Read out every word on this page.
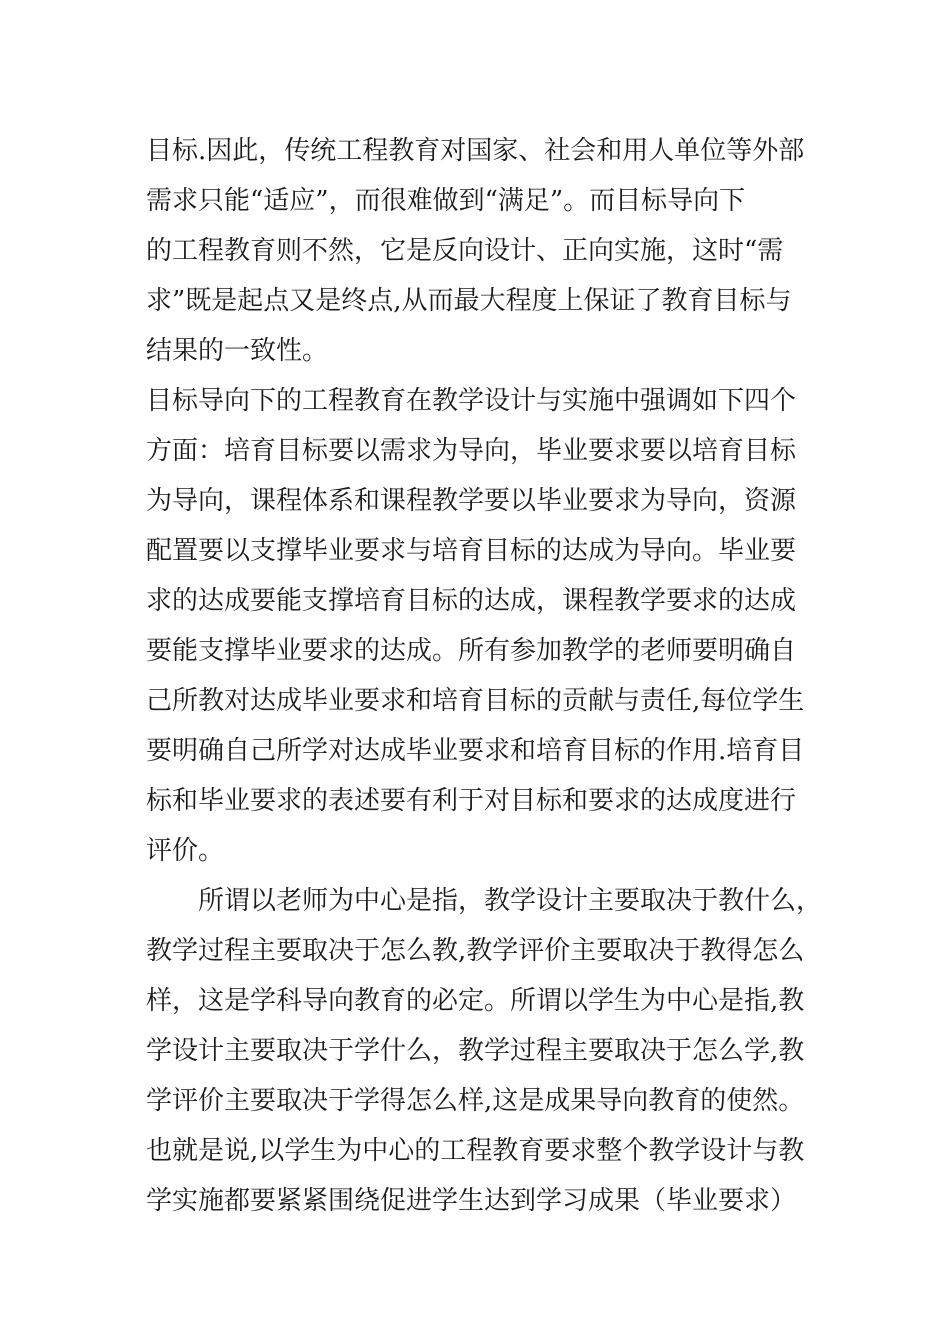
目标.因此，传统工程教育对国家、社会和用人单位等外部
需求只能“适应”，而很难做到“满足”。而目标导向下
的工程教育则不然，它是反向设计、正向实施，这时“需
求”既是起点又是终点,从而最大程度上保证了教育目标与
结果的一致性。
目标导向下的工程教育在教学设计与实施中强调如下四个
方面：培育目标要以需求为导向，毕业要求要以培育目标
为导向，课程体系和课程教学要以毕业要求为导向，资源
配置要以支撑毕业要求与培育目标的达成为导向。毕业要
求的达成要能支撑培育目标的达成，课程教学要求的达成
要能支撑毕业要求的达成。所有参加教学的老师要明确自
己所教对达成毕业要求和培育目标的贡献与责任,每位学生
要明确自己所学对达成毕业要求和培育目标的作用.培育目
标和毕业要求的表述要有利于对目标和要求的达成度进行
评价。
所谓以老师为中心是指，教学设计主要取决于教什么，
教学过程主要取决于怎么教,教学评价主要取决于教得怎么
样，这是学科导向教育的必定。所谓以学生为中心是指,教
学设计主要取决于学什么，教学过程主要取决于怎么学,教
学评价主要取决于学得怎么样,这是成果导向教育的使然。
也就是说,以学生为中心的工程教育要求整个教学设计与教
学实施都要紧紧围绕促进学生达到学习成果（毕业要求）
